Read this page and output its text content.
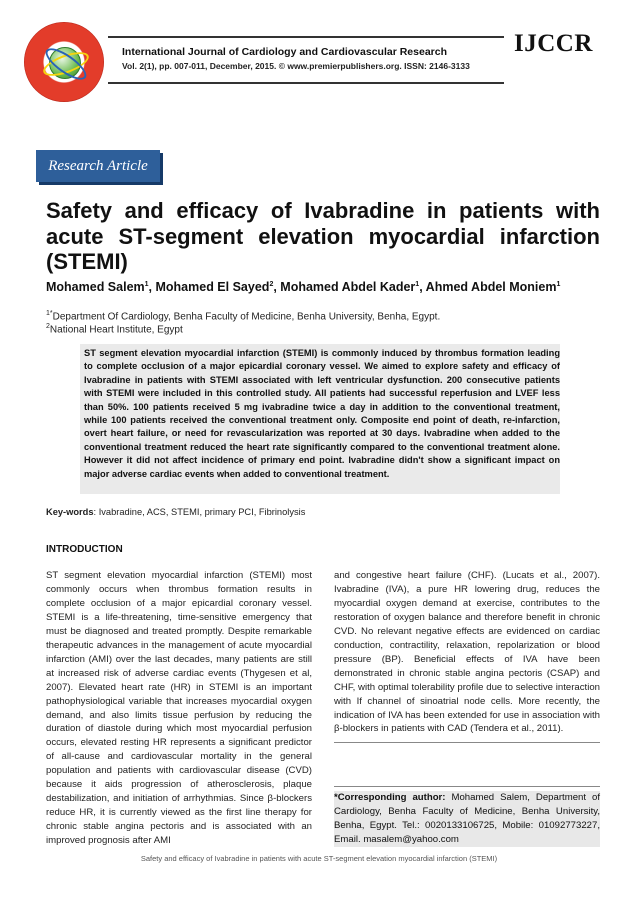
International Journal of Cardiology and Cardiovascular Research
Vol. 2(1), pp. 007-011, December, 2015. © www.premierpublishers.org. ISSN: 2146-3133
IJCCR
Research Article
Safety and efficacy of Ivabradine in patients with acute ST-segment elevation myocardial infarction (STEMI)
Mohamed Salem$^1$, Mohamed El Sayed$^2$, Mohamed Abdel Kader$^1$, Ahmed Abdel Moniem$^1$
$^{1*}$Department Of Cardiology, Benha Faculty of Medicine, Benha University, Benha, Egypt.
$^2$National Heart Institute, Egypt
ST segment elevation myocardial infarction (STEMI) is commonly induced by thrombus formation leading to complete occlusion of a major epicardial coronary vessel. We aimed to explore safety and efficacy of Ivabradine in patients with STEMI associated with left ventricular dysfunction. 200 consecutive patients with STEMI were included in this controlled study. All patients had successful reperfusion and LVEF less than 50%. 100 patients received 5 mg ivabradine twice a day in addition to the conventional treatment, while 100 patients received the conventional treatment only. Composite end point of death, re-infarction, overt heart failure, or need for revascularization was reported at 30 days. Ivabradine when added to the conventional treatment reduced the heart rate significantly compared to the conventional treatment alone. However it did not affect incidence of primary end point. Ivabradine didn't show a significant impact on major adverse cardiac events when added to conventional treatment.
Key-words: Ivabradine, ACS, STEMI, primary PCI, Fibrinolysis
INTRODUCTION

ST segment elevation myocardial infarction (STEMI) most commonly occurs when thrombus formation results in complete occlusion of a major epicardial coronary vessel. STEMI is a life-threatening, time-sensitive emergency that must be diagnosed and treated promptly. Despite remarkable therapeutic advances in the management of acute myocardial infarction (AMI) over the last decades, many patients are still at increased risk of adverse cardiac events (Thygesen et al, 2007). Elevated heart rate (HR) in STEMI is an important pathophysiological variable that increases myocardial oxygen demand, and also limits tissue perfusion by reducing the duration of diastole during which most myocardial perfusion occurs, elevated resting HR represents a significant predictor of all-cause and cardiovascular mortality in the general population and patients with cardiovascular disease (CVD) because it aids progression of atherosclerosis, plaque destabilization, and initiation of arrhythmias. Since β-blockers reduce HR, it is currently viewed as the first line therapy for chronic stable angina pectoris and is associated with an improved prognosis after AMI

and congestive heart failure (CHF). (Lucats et al., 2007). Ivabradine (IVA), a pure HR lowering drug, reduces the myocardial oxygen demand at exercise, contributes to the restoration of oxygen balance and therefore benefit in chronic CVD. No relevant negative effects are evidenced on cardiac conduction, contractility, relaxation, repolarization or blood pressure (BP). Beneficial effects of IVA have been demonstrated in chronic stable angina pectoris (CSAP) and CHF, with optimal tolerability profile due to selective interaction with If channel of sinoatrial node cells. More recently, the indication of IVA has been extended for use in association with β-blockers in patients with CAD (Tendera et al., 2011).

*Corresponding author: Mohamed Salem, Department of Cardiology, Benha Faculty of Medicine, Benha University, Benha, Egypt. Tel.: 0020133106725, Mobile: 01092773227, Email. masalem@yahoo.com

Safety and efficacy of Ivabradine in patients with acute ST-segment elevation myocardial infarction (STEMI)
